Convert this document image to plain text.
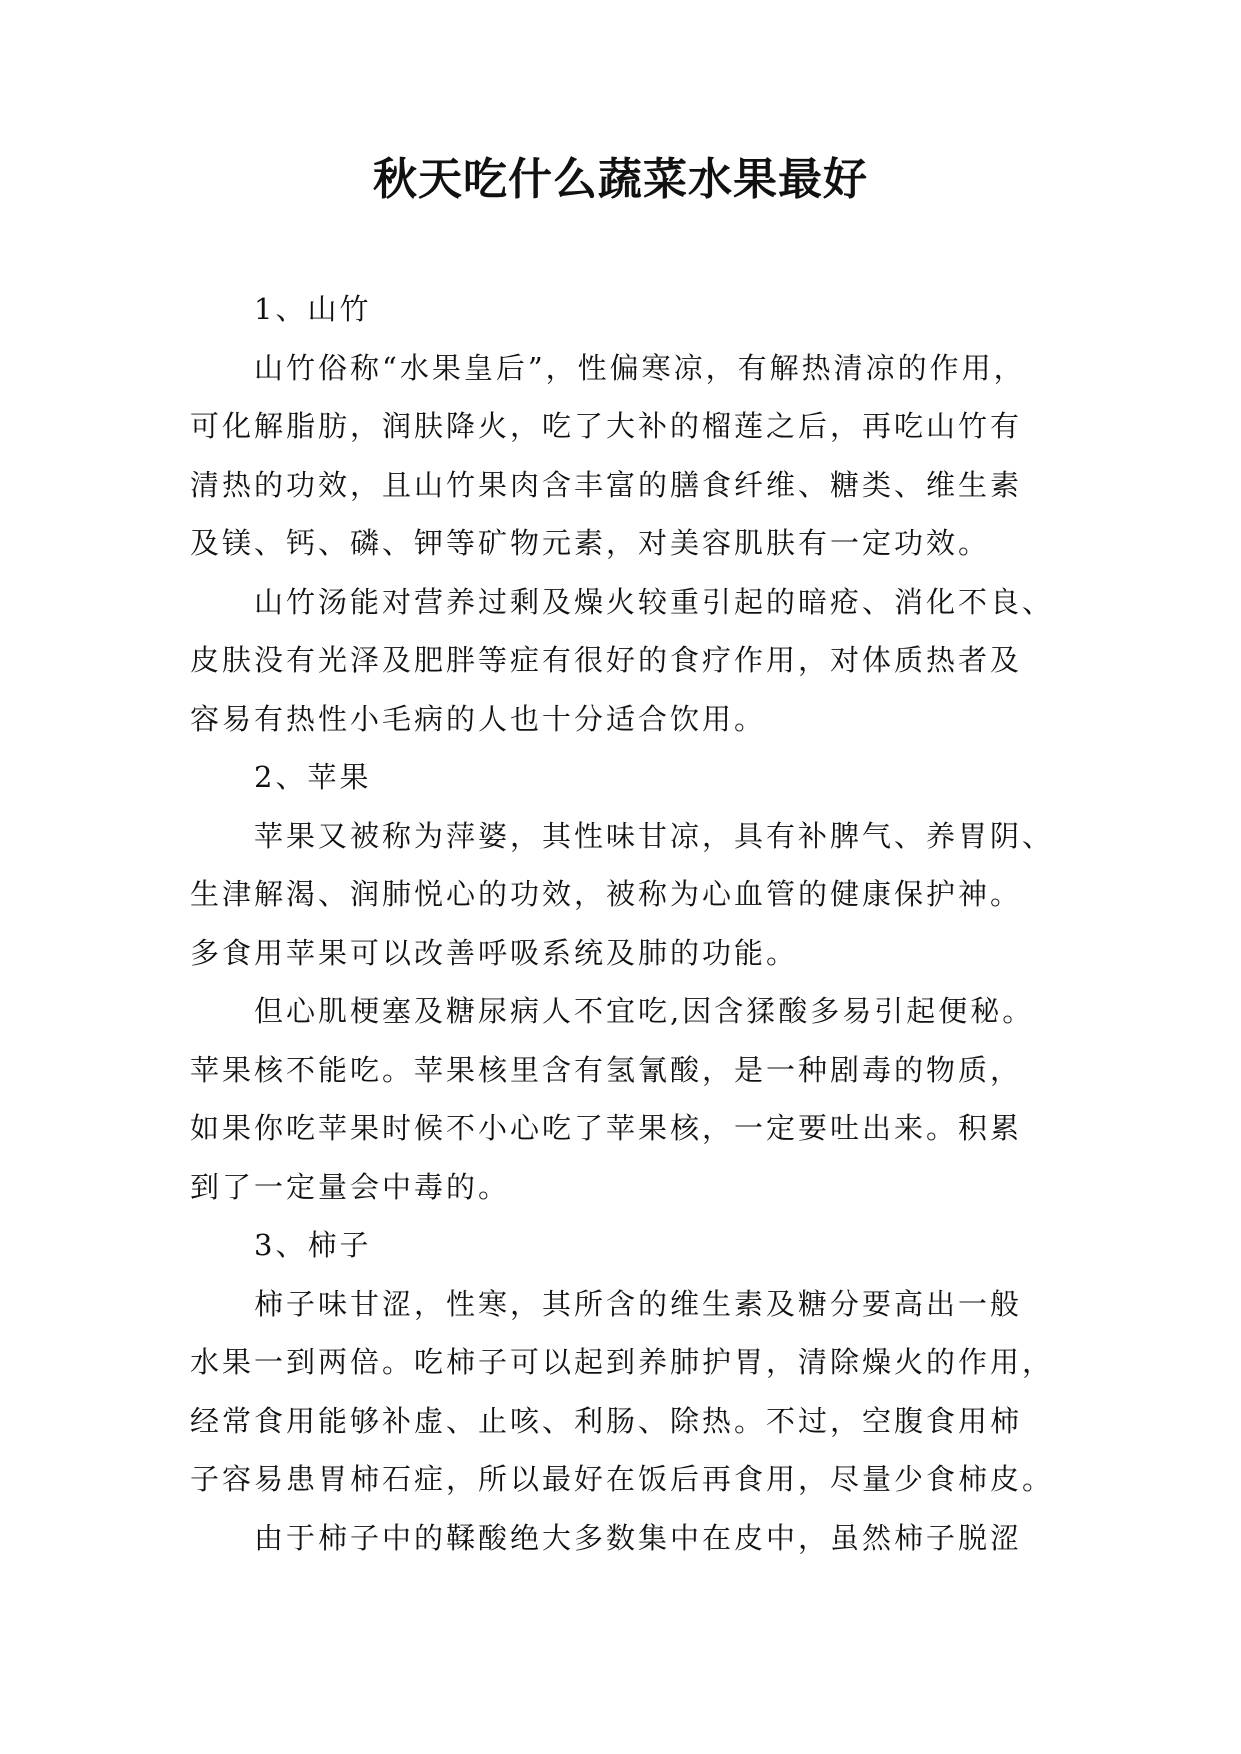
秋天吃什么蔬菜水果最好
1、山竹
山竹俗称“水果皇后”，性偏寒凉，有解热清凉的作用，
可化解脂肪，润肤降火，吃了大补的榴莲之后，再吃山竹有
清热的功效，且山竹果肉含丰富的膳食纤维、糖类、维生素
及镁、钙、磷、钾等矿物元素，对美容肌肤有一定功效。
山竹汤能对营养过剩及燥火较重引起的暗疮、消化不良、
皮肤没有光泽及肥胖等症有很好的食疗作用，对体质热者及
容易有热性小毛病的人也十分适合饮用。
2、苹果
苹果又被称为萍婆，其性味甘凉，具有补脾气、养胃阴、
生津解渴、润肺悦心的功效，被称为心血管的健康保护神。
多食用苹果可以改善呼吸系统及肺的功能。
但心肌梗塞及糖尿病人不宜吃,因含猱酸多易引起便秘。
苹果核不能吃。苹果核里含有氢氰酸，是一种剧毒的物质，
如果你吃苹果时候不小心吃了苹果核，一定要吐出来。积累
到了一定量会中毒的。
3、柿子
柿子味甘涩，性寒，其所含的维生素及糖分要高出一般
水果一到两倍。吃柿子可以起到养肺护胃，清除燥火的作用，
经常食用能够补虚、止咳、利肠、除热。不过，空腹食用柿
子容易患胃柿石症，所以最好在饭后再食用，尽量少食柿皮。
由于柿子中的鞣酸绝大多数集中在皮中，虽然柿子脱涩
